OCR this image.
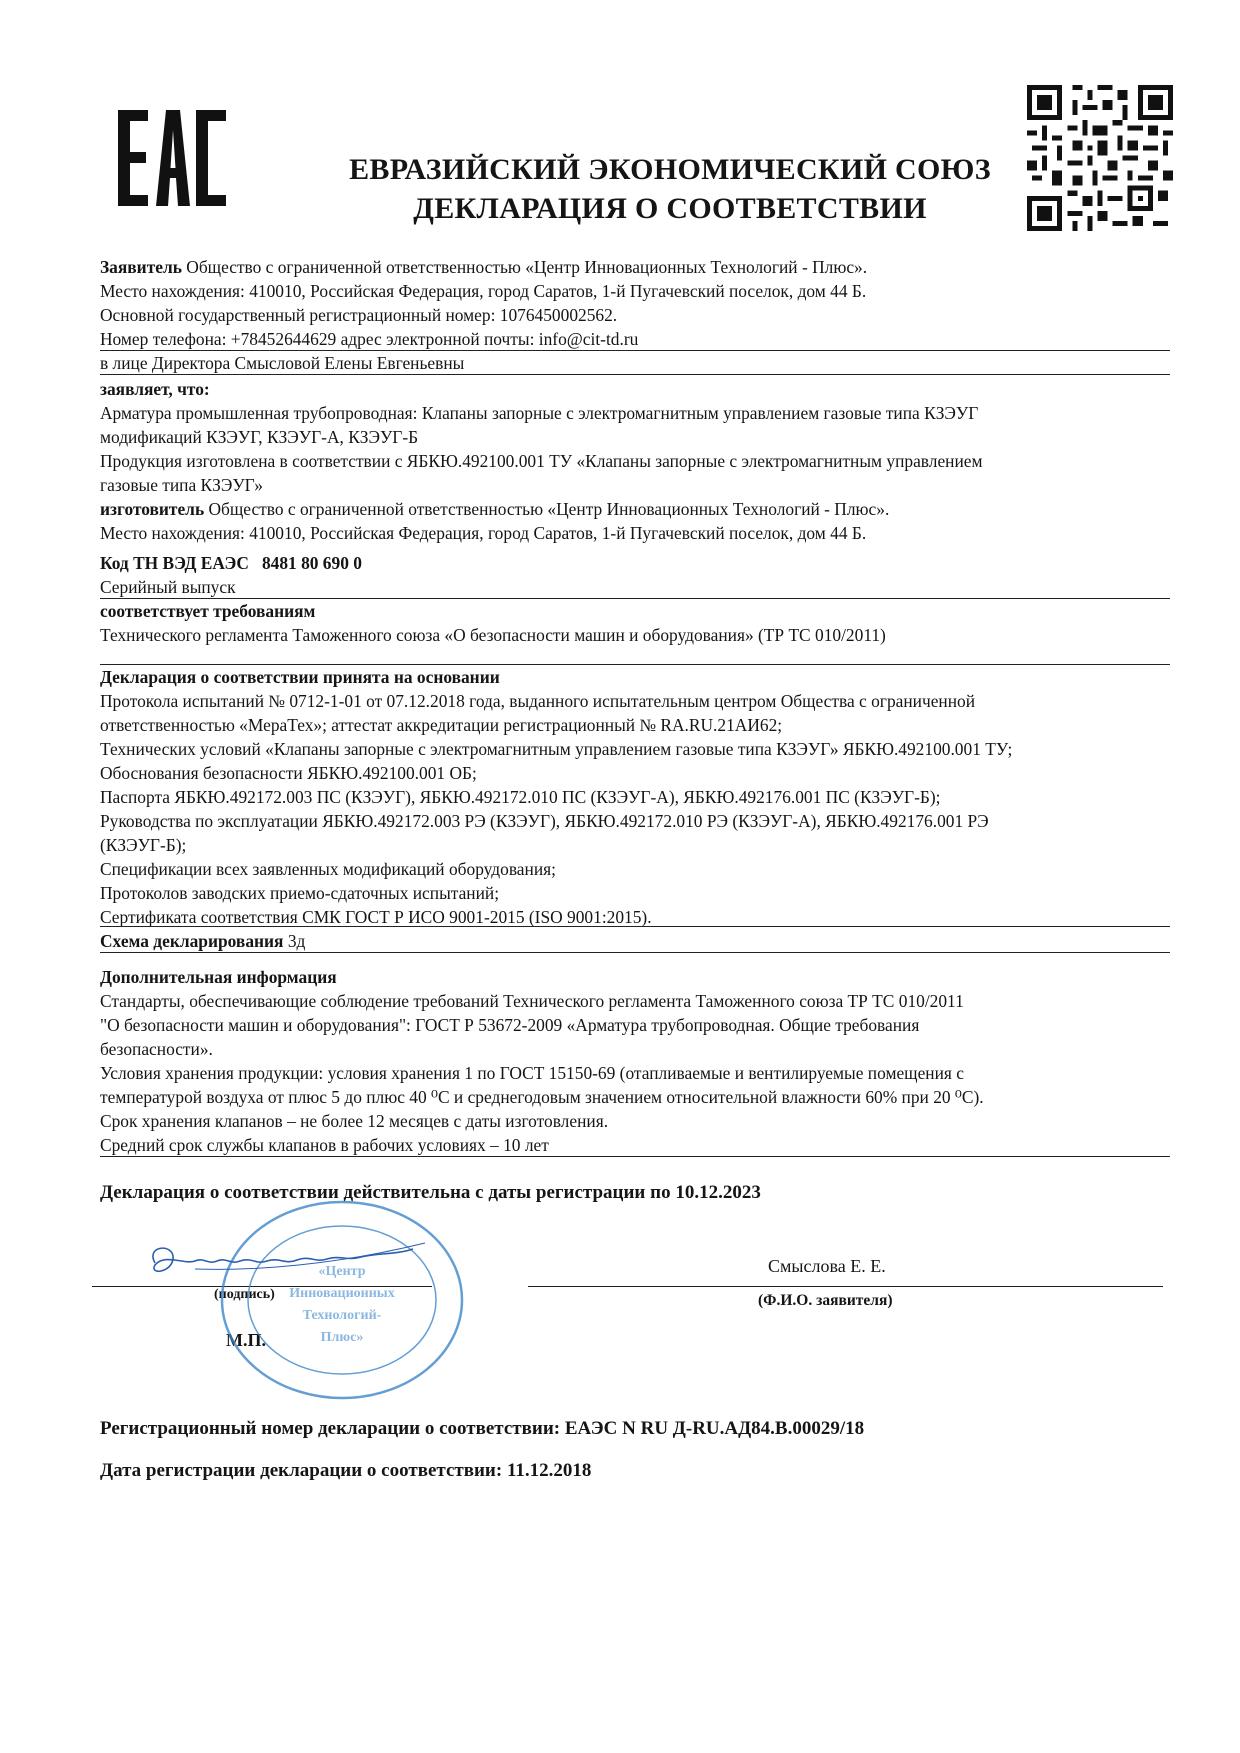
ЕВРАЗИЙСКИЙ ЭКОНОМИЧЕСКИЙ СОЮЗ
ДЕКЛАРАЦИЯ О СООТВЕТСТВИИ
Заявитель Общество с ограниченной ответственностью «Центр Инновационных Технологий - Плюс».
Место нахождения: 410010, Российская Федерация, город Саратов, 1-й Пугачевский поселок, дом 44 Б.
Основной государственный регистрационный номер: 1076450002562.
Номер телефона: +78452644629 адрес электронной почты: info@cit-td.ru
в лице Директора Смысловой Елены Евгеньевны
заявляет, что:
Арматура промышленная трубопроводная: Клапаны запорные с электромагнитным управлением газовые типа КЗЭУГ
модификаций КЗЭУГ, КЗЭУГ-А, КЗЭУГ-Б
Продукция изготовлена в соответствии с ЯБКЮ.492100.001 ТУ «Клапаны запорные с электромагнитным управлением
газовые типа КЗЭУГ»
изготовитель Общество с ограниченной ответственностью «Центр Инновационных Технологий - Плюс».
Место нахождения: 410010, Российская Федерация, город Саратов, 1-й Пугачевский поселок, дом 44 Б.
Код ТН ВЭД ЕАЭС 8481 80 690 0
Серийный выпуск
соответствует требованиям
Технического регламента Таможенного союза «О безопасности машин и оборудования» (ТР ТС 010/2011)
Декларация о соответствии принята на основании
Протокола испытаний № 0712-1-01 от 07.12.2018 года, выданного испытательным центром Общества с ограниченной
ответственностью «МераТех»; аттестат аккредитации регистрационный № RA.RU.21АИ62;
Технических условий «Клапаны запорные с электромагнитным управлением газовые типа КЗЭУГ» ЯБКЮ.492100.001 ТУ;
Обоснования безопасности ЯБКЮ.492100.001 ОБ;
Паспорта ЯБКЮ.492172.003 ПС (КЗЭУГ), ЯБКЮ.492172.010 ПС (КЗЭУГ-А), ЯБКЮ.492176.001 ПС (КЗЭУГ-Б);
Руководства по эксплуатации ЯБКЮ.492172.003 РЭ (КЗЭУГ), ЯБКЮ.492172.010 РЭ (КЗЭУГ-А), ЯБКЮ.492176.001 РЭ
(КЗЭУГ-Б);
Спецификации всех заявленных модификаций оборудования;
Протоколов заводских приемо-сдаточных испытаний;
Сертификата соответствия СМК ГОСТ Р ИСО 9001-2015 (ISO 9001:2015).
Схема декларирования 3д
Дополнительная информация
Стандарты, обеспечивающие соблюдение требований Технического регламента Таможенного союза ТР ТС 010/2011
"О безопасности машин и оборудования": ГОСТ Р 53672-2009 «Арматура трубопроводная. Общие требования
безопасности».
Условия хранения продукции: условия хранения 1 по ГОСТ 15150-69 (отапливаемые и вентилируемые помещения с
температурой воздуха от плюс 5 до плюс 40 ⁰С и среднегодовым значением относительной влажности 60% при 20 ⁰С).
Срок хранения клапанов – не более 12 месяцев с даты изготовления.
Средний срок службы клапанов в рабочих условиях – 10 лет
Декларация о соответствии действительна с даты регистрации по 10.12.2023
Смыслова Е. Е.
(подпись)	(Ф.И.О. заявителя)
М.П.
«Центр
Инновационных
Технологий-
Плюс»
Регистрационный номер декларации о соответствии: ЕАЭС N RU Д-RU.АД84.В.00029/18
Дата регистрации декларации о соответствии: 11.12.2018
